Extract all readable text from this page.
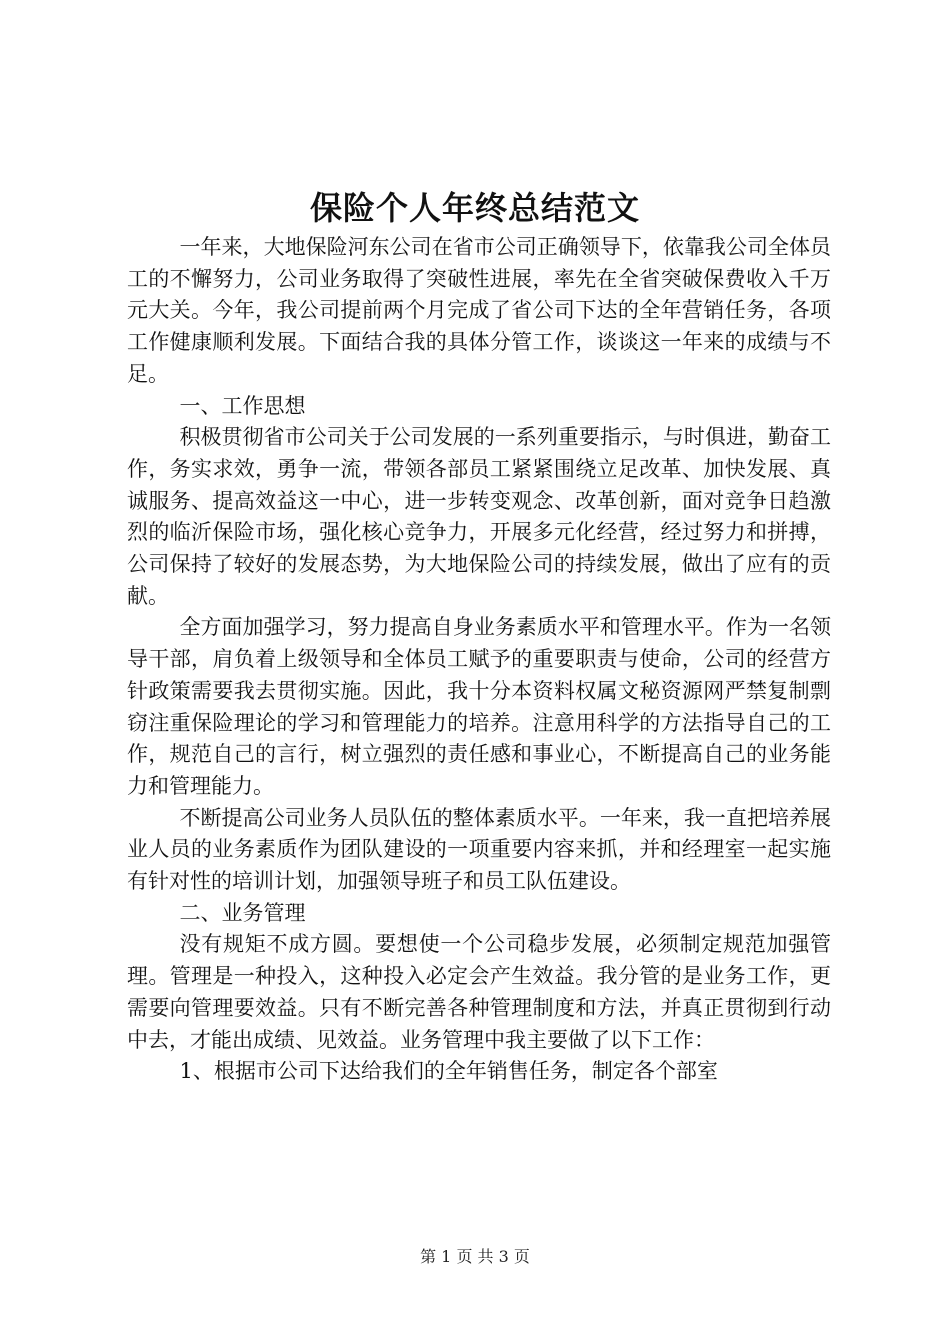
保险个人年终总结范文

一年来，大地保险河东公司在省市公司正确领导下，依靠我公司全体员工的不懈努力，公司业务取得了突破性进展，率先在全省突破保费收入千万元大关。今年，我公司提前两个月完成了省公司下达的全年营销任务，各项工作健康顺利发展。下面结合我的具体分管工作，谈谈这一年来的成绩与不足。

一、工作思想

积极贯彻省市公司关于公司发展的一系列重要指示，与时俱进，勤奋工作，务实求效，勇争一流，带领各部员工紧紧围绕立足改革、加快发展、真诚服务、提高效益这一中心，进一步转变观念、改革创新，面对竞争日趋激烈的临沂保险市场，强化核心竞争力，开展多元化经营，经过努力和拼搏，公司保持了较好的发展态势，为大地保险公司的持续发展，做出了应有的贡献。

全方面加强学习，努力提高自身业务素质水平和管理水平。作为一名领导干部，肩负着上级领导和全体员工赋予的重要职责与使命，公司的经营方针政策需要我去贯彻实施。因此，我十分本资料权属文秘资源网严禁复制剽窃注重保险理论的学习和管理能力的培养。注意用科学的方法指导自己的工作，规范自己的言行，树立强烈的责任感和事业心，不断提高自己的业务能力和管理能力。

不断提高公司业务人员队伍的整体素质水平。一年来，我一直把培养展业人员的业务素质作为团队建设的一项重要内容来抓，并和经理室一起实施有针对性的培训计划，加强领导班子和员工队伍建设。

二、业务管理

没有规矩不成方圆。要想使一个公司稳步发展，必须制定规范加强管理。管理是一种投入，这种投入必定会产生效益。我分管的是业务工作，更需要向管理要效益。只有不断完善各种管理制度和方法，并真正贯彻到行动中去，才能出成绩、见效益。业务管理中我主要做了以下工作：

1、根据市公司下达给我们的全年销售任务，制定各个部室

第 1 页 共 3 页
